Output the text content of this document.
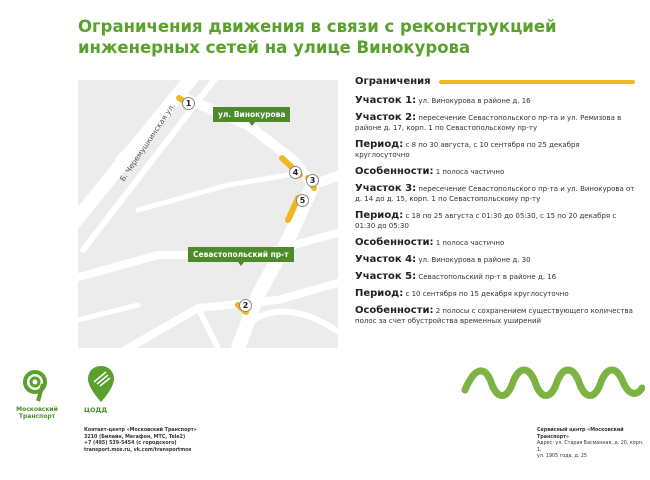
Ограничения движения в связи с реконструкцией инженерных сетей на улице Винокурова
Б. Черемушкинская ул.	ул. Винокурова
Севастопольский пр-т
1
4
3
5
2
Ограничения
Участок 1: ул. Винокурова в районе д. 16
Участок 2: пересечение Севастопольского пр-та и ул. Ремизова в районе д. 17, корп. 1 по Севастопольскому пр-ту
Период: с 8 по 30 августа, с 10 сентября по 25 декабря круглосуточно
Особенности: 1 полоса частично
Участок 3: пересечение Севастопольского пр-та и ул. Винокурова от д. 14 до д. 15, корп. 1 по Севастопольскому пр-ту
Период: с 18 по 25 августа с 01:30 до 05:30, с 15 по 20 декабря с 01:30 до 05:30
Особенности: 1 полоса частично
Участок 4: ул. Винокурова в районе д. 30
Участок 5: Севастопольский пр-т в районе д. 16
Период: с 10 сентября по 15 декабря круглосуточно
Особенности: 2 полосы с сохранением существующего количества полос за счет обустройства временных уширений
Московский
Транспорт
ЦОДД
Контакт-центр «Московский Транспорт»
3210 (Билайн, Мегафон, МТС, Tele2)
+7 (495) 539-5454 (с городского)
transport.mos.ru, vk.com/transportmos
Сервисный центр «Московский Транспорт»
Адрес: ул. Старая Басманная, д. 20, корп. 1,
ул. 1905 года, д. 25
